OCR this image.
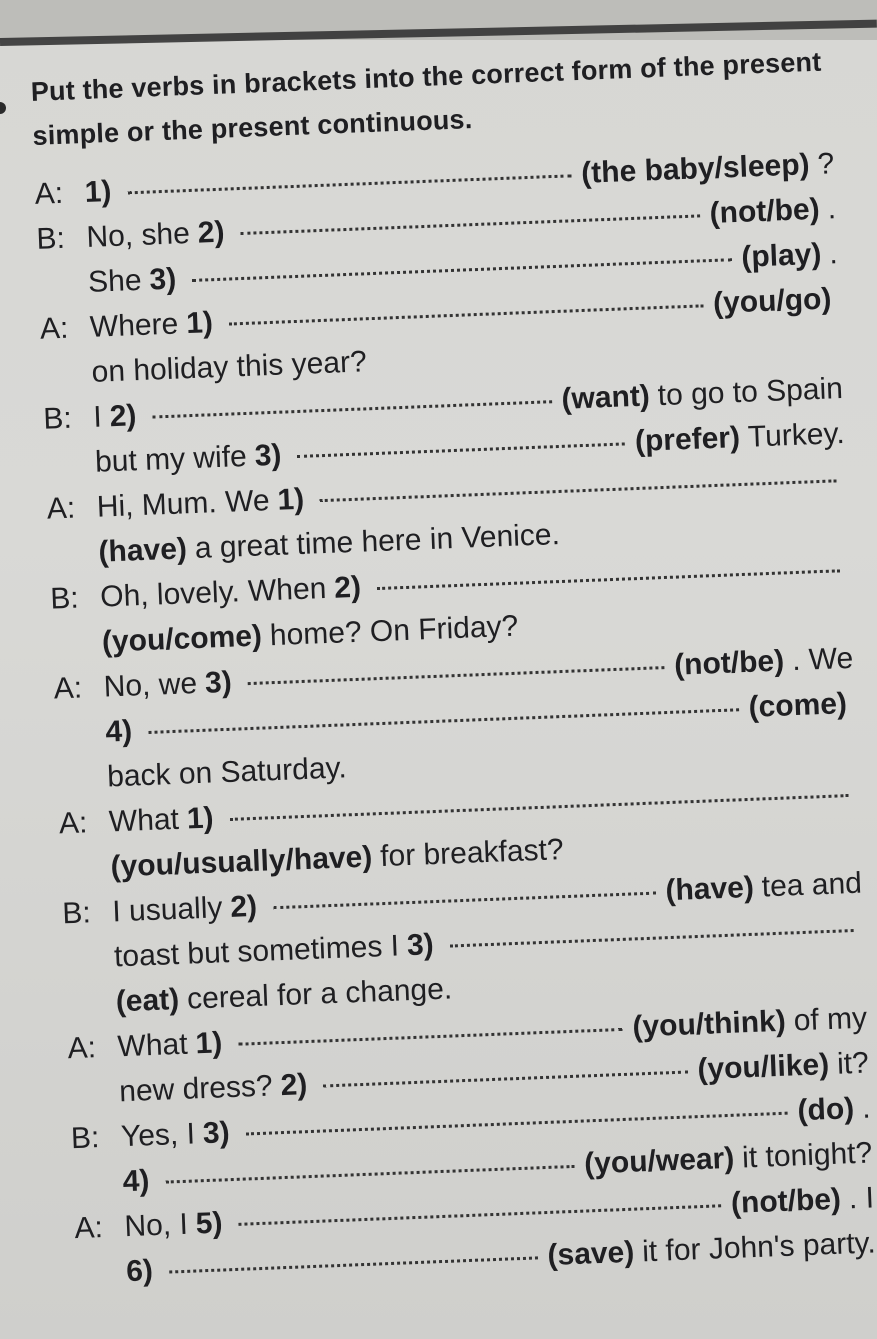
Put the verbs in brackets into the correct form of the present simple or the present continuous.
A: 1)
(the baby/sleep) ?
B: No, she 2)
(not/be) .
She 3)
(play) .
A: Where 1)
(you/go)
on holiday this year?
B: I 2)
(want) to go to Spain
but my wife 3)	(prefer) Turkey.
A: Hi, Mum. We 1)
(have) a great time here in Venice.
B: Oh, lovely. When 2)
(you/come) home? On Friday?
A: No, we 3)
(not/be) . We
4)
(come)
back on Saturday.
A: What 1)
(you/usually/have) for breakfast?
B: I usually 2)	(have) tea and
toast but sometimes I 3)
(eat) cereal for a change.
A: What 1)	(you/think) of my
new dress? 2)	(you/like) it?
B: Yes, I 3)
(do) .
4)
(you/wear) it tonight?
A: No, I 5)
(not/be) . I
6)	(save) it for John's party.
